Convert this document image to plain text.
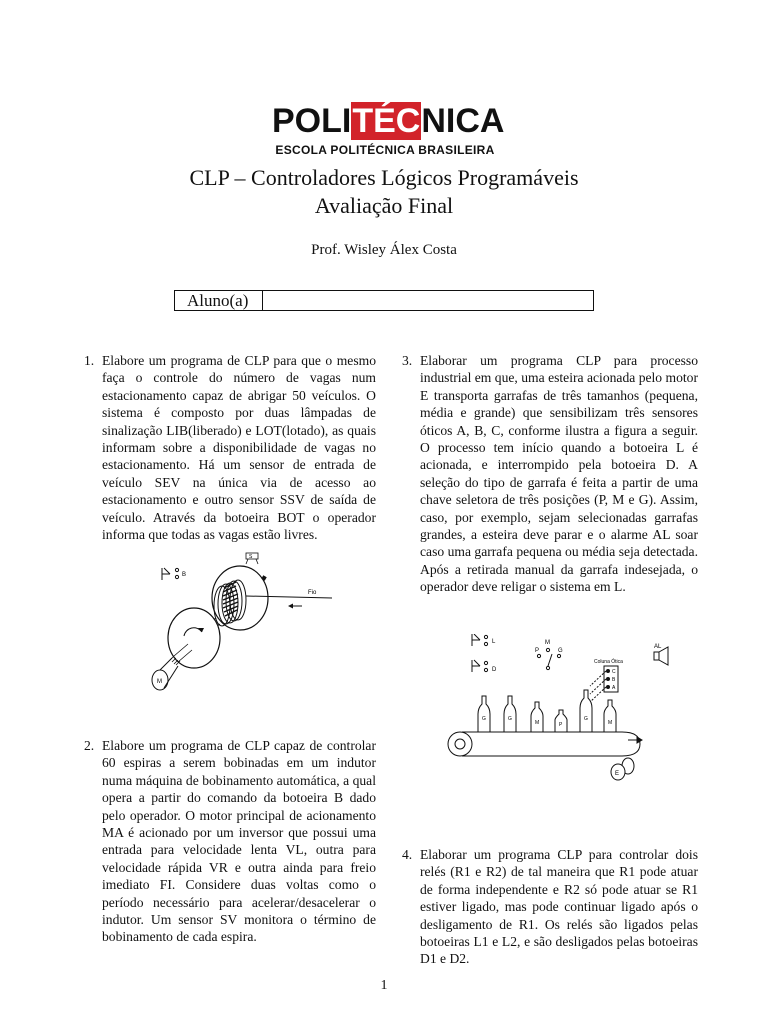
POLITÉCNICA
ESCOLA POLITÉCNICA BRASILEIRA
CLP – Controladores Lógicos Programáveis
Avaliação Final
Prof. Wisley Álex Costa
Aluno(a)
1. Elabore um programa de CLP para que o mesmo faça o controle do número de vagas num estacionamento capaz de abrigar 50 veículos. O sistema é composto por duas lâmpadas de sinalização LIB(liberado) e LOT(lotado), as quais informam sobre a disponibilidade de vagas no estacionamento. Há um sensor de entrada de veículo SEV na única via de acesso ao estacionamento e outro sensor SSV de saída de veículo. Através da botoeira BOT o operador informa que todas as vagas estão livres.
B
S
M
Fio
2. Elabore um programa de CLP capaz de controlar 60 espiras a serem bobinadas em um indutor numa máquina de bobinamento automática, a qual opera a partir do comando da botoeira B dado pelo operador. O motor principal de acionamento MA é acionado por um inversor que possui uma entrada para velocidade lenta VL, outra para velocidade rápida VR e outra ainda para freio imediato FI. Considere duas voltas como o período necessário para acelerar/desacelerar o indutor. Um sensor SV monitora o término de bobinamento de cada espira.
3. Elaborar um programa CLP para processo industrial em que, uma esteira acionada pelo motor E transporta garrafas de três tamanhos (pequena, média e grande) que sensibilizam três sensores óticos A, B, C, conforme ilustra a figura a seguir. O processo tem início quando a botoeira L é acionada, e interrompido pela botoeira D. A seleção do tipo de garrafa é feita a partir de uma chave seletora de três posições (P, M e G). Assim, caso, por exemplo, sejam selecionadas garrafas grandes, a esteira deve parar e o alarme AL soar caso uma garrafa pequena ou média seja detectada. Após a retirada manual da garrafa indesejada, o operador deve religar o sistema em L.
L
D
P
M
G
AL
Coluna Ótica
C
B
A
G	G
M	P
G
M
E
4. Elaborar um programa CLP para controlar dois relés (R1 e R2) de tal maneira que R1 pode atuar de forma independente e R2 só pode atuar se R1 estiver ligado, mas pode continuar ligado após o desligamento de R1. Os relés são ligados pelas botoeiras L1 e L2, e são desligados pelas botoeiras D1 e D2.
1
